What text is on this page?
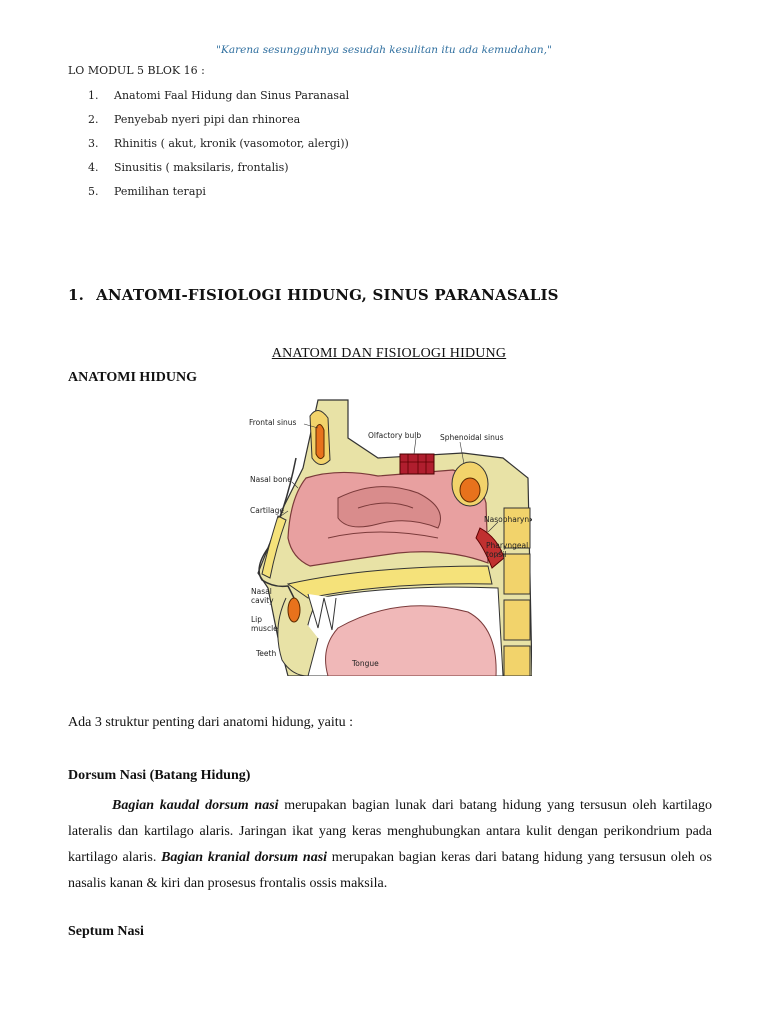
"Karena sesungguhnya sesudah kesulitan itu ada kemudahan,"
LO MODUL 5 BLOK 16 :
1.	Anatomi Faal Hidung dan Sinus Paranasal
2.	Penyebab nyeri pipi dan rhinorea
3.	Rhinitis ( akut, kronik (vasomotor, alergi))
4.	Sinusitis ( maksilaris, frontalis)
5.	Pemilihan terapi
1. ANATOMI-FISIOLOGI HIDUNG, SINUS PARANASALIS
ANATOMI DAN FISIOLOGI HIDUNG
ANATOMI HIDUNG
Frontal sinus
Olfactory bulb	Sphenoidal sinus
Nasal bone
Cartilage
Nasopharynx
Pharyngeal
tonsil
Nasal
cavity
Lip
muscle
Teeth
Tongue
Ada 3 struktur penting dari anatomi hidung, yaitu :
Dorsum Nasi (Batang Hidung)
Bagian kaudal dorsum nasi merupakan bagian lunak dari batang hidung yang tersusun oleh kartilago lateralis dan kartilago alaris. Jaringan ikat yang keras menghubungkan antara kulit dengan perikondrium pada kartilago alaris. Bagian kranial dorsum nasi merupakan bagian keras dari batang hidung yang tersusun oleh os nasalis kanan & kiri dan prosesus frontalis ossis maksila.
Septum Nasi
